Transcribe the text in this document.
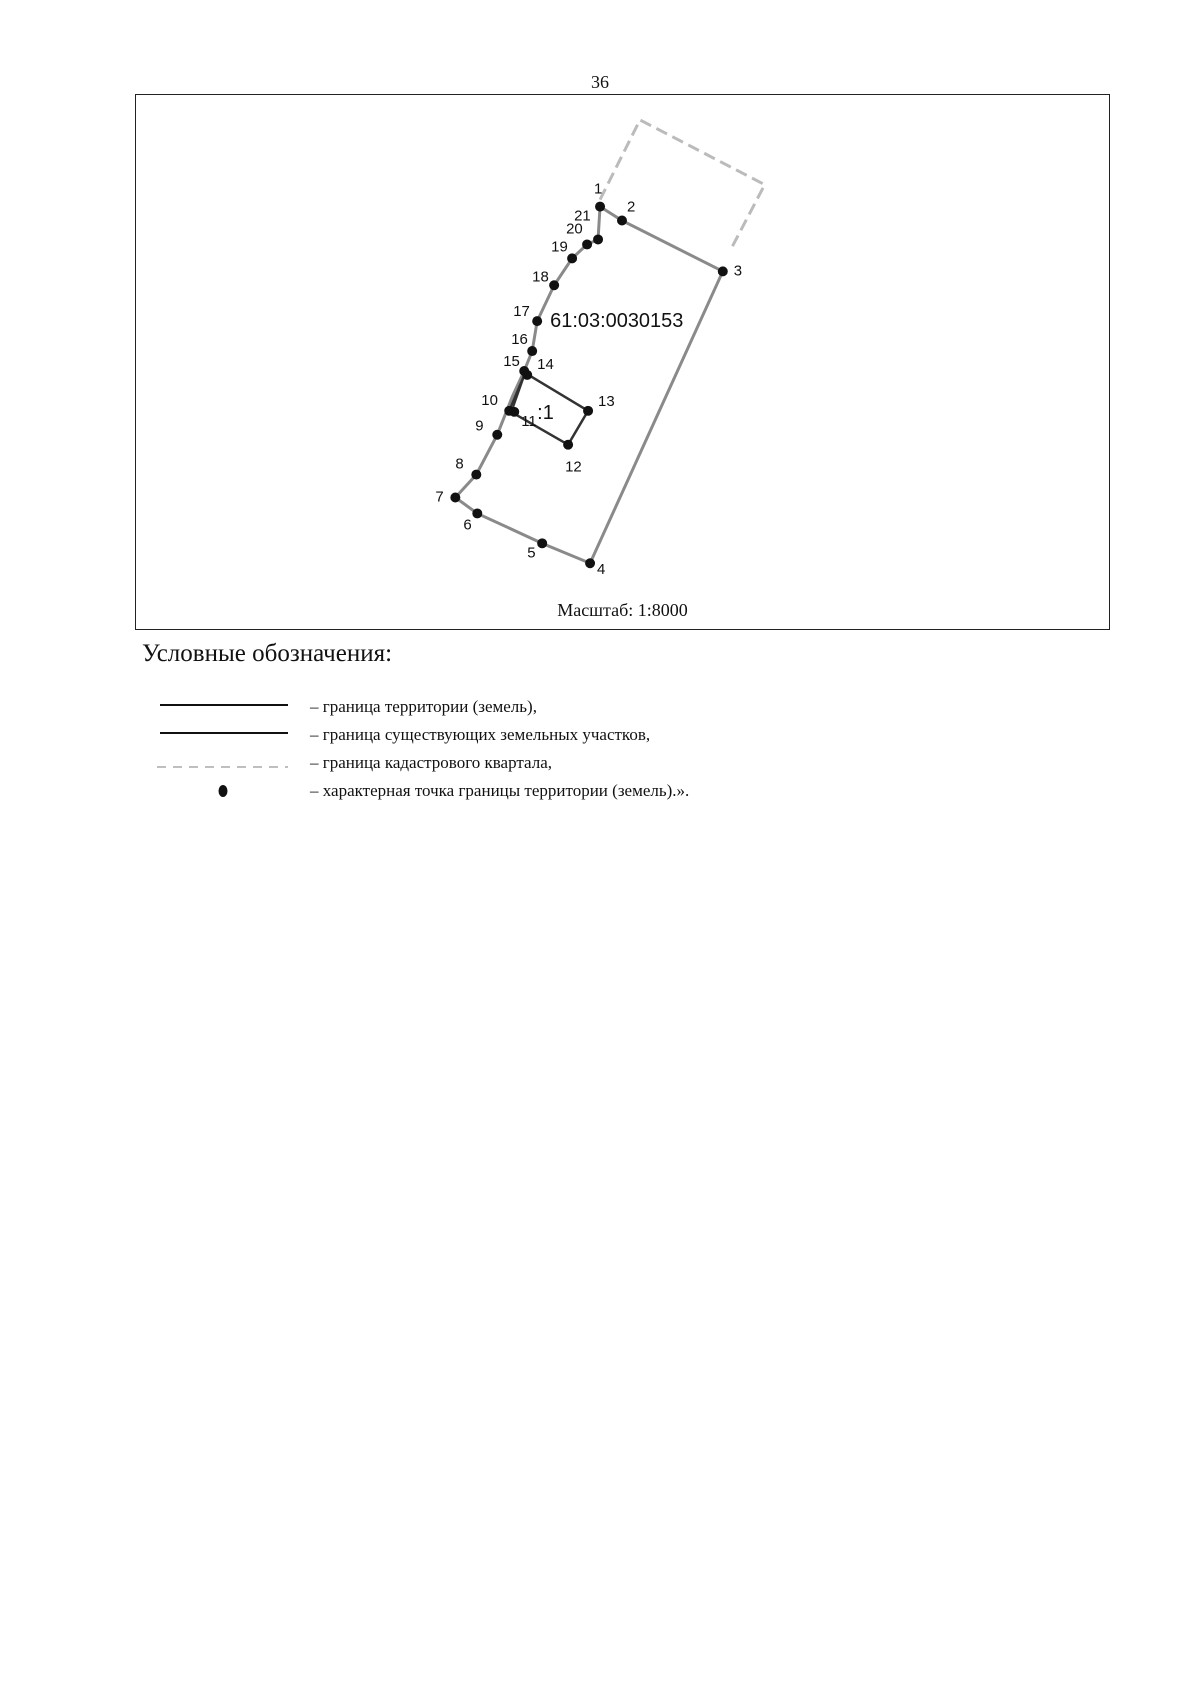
36
61:03:0030153
:1
1
2
3
4
5
6
7
8
9
10
11
12
13
14
15
16
17
18
19
20
21
Масштаб: 1:8000
Условные обозначения:
– граница территории (земель),
– граница существующих земельных участков,
– граница кадастрового квартала,
– характерная точка границы территории (земель).».
